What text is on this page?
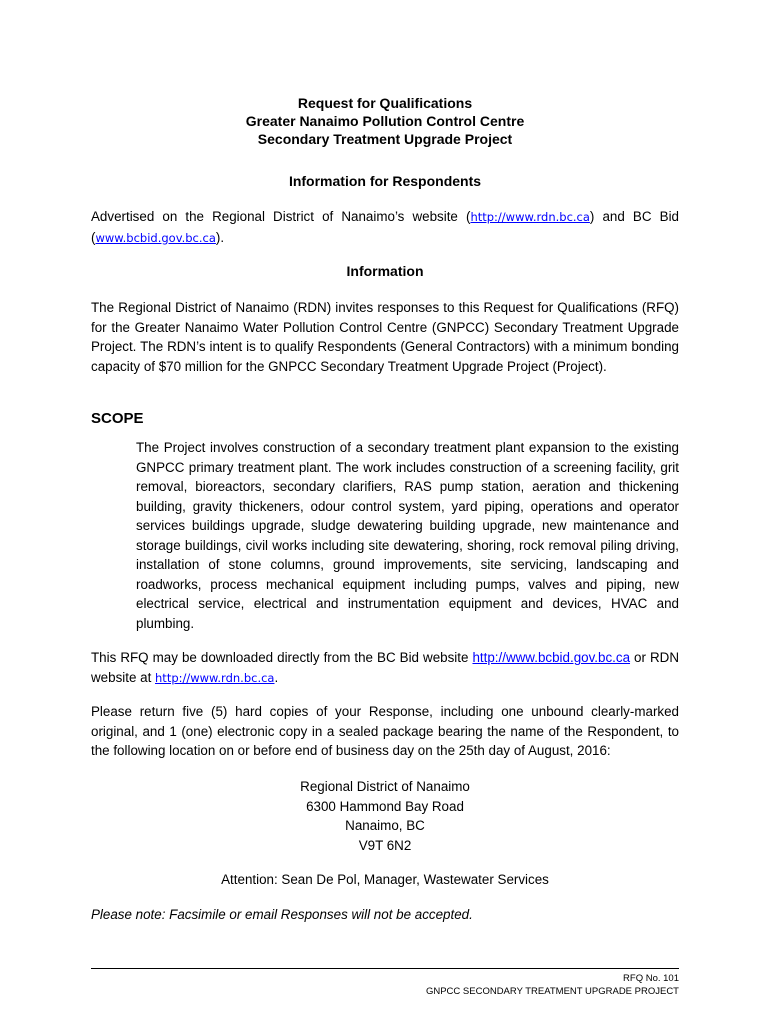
Request for Qualifications
Greater Nanaimo Pollution Control Centre
Secondary Treatment Upgrade Project
Information for Respondents
Advertised on the Regional District of Nanaimo’s website (http://www.rdn.bc.ca) and BC Bid (www.bcbid.gov.bc.ca).
Information
The Regional District of Nanaimo (RDN) invites responses to this Request for Qualifications (RFQ) for the Greater Nanaimo Water Pollution Control Centre (GNPCC) Secondary Treatment Upgrade Project. The RDN’s intent is to qualify Respondents (General Contractors) with a minimum bonding capacity of $70 million for the GNPCC Secondary Treatment Upgrade Project (Project).
SCOPE
The Project involves construction of a secondary treatment plant expansion to the existing GNPCC primary treatment plant. The work includes construction of a screening facility, grit removal, bioreactors, secondary clarifiers, RAS pump station, aeration and thickening building, gravity thickeners, odour control system, yard piping, operations and operator services buildings upgrade, sludge dewatering building upgrade, new maintenance and storage buildings, civil works including site dewatering, shoring, rock removal piling driving, installation of stone columns, ground improvements, site servicing, landscaping and roadworks, process mechanical equipment including pumps, valves and piping, new electrical service, electrical and instrumentation equipment and devices, HVAC and plumbing.
This RFQ may be downloaded directly from the BC Bid website http://www.bcbid.gov.bc.ca or RDN website at http://www.rdn.bc.ca.
Please return five (5) hard copies of your Response, including one unbound clearly-marked original, and 1 (one) electronic copy in a sealed package bearing the name of the Respondent, to the following location on or before end of business day on the 25th day of August, 2016:
Regional District of Nanaimo
6300 Hammond Bay Road
Nanaimo, BC
V9T 6N2
Attention: Sean De Pol, Manager, Wastewater Services
Please note: Facsimile or email Responses will not be accepted.
RFQ No. 101
GNPCC SECONDARY TREATMENT UPGRADE PROJECT
